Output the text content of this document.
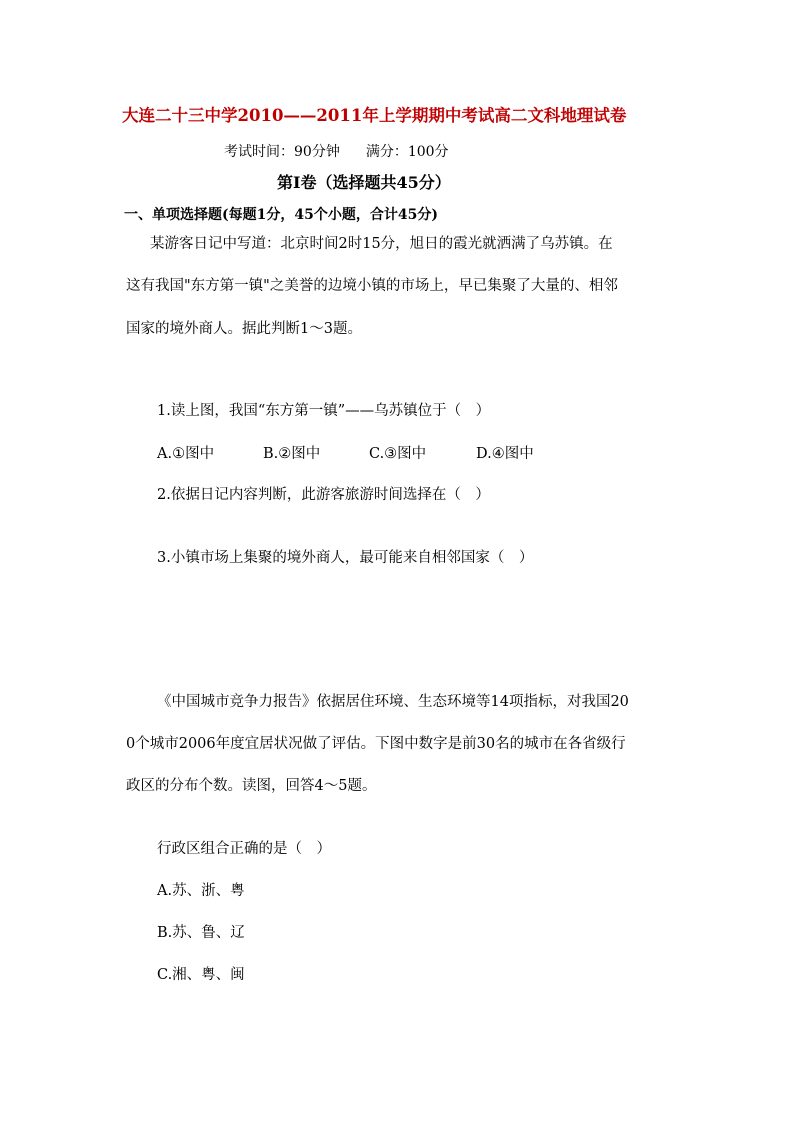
大连二十三中学2010——2011年上学期期中考试高二文科地理试卷
考试时间：90分钟 满分：100分
第Ⅰ卷（选择题共45分）
一、单项选择题(每题1分，45个小题，合计45分)
某游客日记中写道：北京时间2时15分，旭日的霞光就洒满了乌苏镇。在
这有我国"东方第一镇"之美誉的边境小镇的市场上，早已集聚了大量的、相邻
国家的境外商人。据此判断1～3题。
1.读上图，我国“东方第一镇”——乌苏镇位于（　）
A.①图中	B.②图中	C.③图中	D.④图中
2.依据日记内容判断，此游客旅游时间选择在（　）
3.小镇市场上集聚的境外商人，最可能来自相邻国家（　）
《中国城市竞争力报告》依据居住环境、生态环境等14项指标，对我国20
0个城市2006年度宜居状况做了评估。下图中数字是前30名的城市在各省级行
政区的分布个数。读图，回答4～5题。
行政区组合正确的是（　）
A.苏、浙、粤
B.苏、鲁、辽
C.湘、粤、闽
